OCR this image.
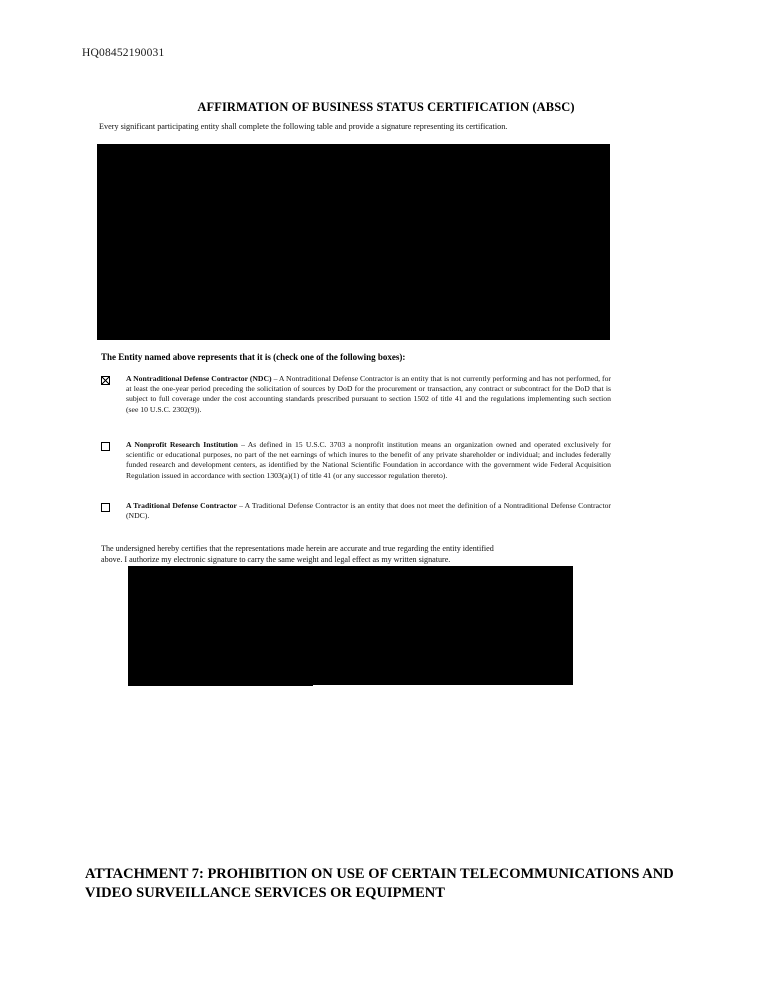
HQ08452190031
AFFIRMATION OF BUSINESS STATUS CERTIFICATION (ABSC)
Every significant participating entity shall complete the following table and provide a signature representing its certification.
The Entity named above represents that it is (check one of the following boxes):
A Nontraditional Defense Contractor (NDC) – A Nontraditional Defense Contractor is an entity that is not currently performing and has not performed, for at least the one-year period preceding the solicitation of sources by DoD for the procurement or transaction, any contract or subcontract for the DoD that is subject to full coverage under the cost accounting standards prescribed pursuant to section 1502 of title 41 and the regulations implementing such section (see 10 U.S.C. 2302(9)).
A Nonprofit Research Institution – As defined in 15 U.S.C. 3703 a nonprofit institution means an organization owned and operated exclusively for scientific or educational purposes, no part of the net earnings of which inures to the benefit of any private shareholder or individual; and includes federally funded research and development centers, as identified by the National Scientific Foundation in accordance with the government wide Federal Acquisition Regulation issued in accordance with section 1303(a)(1) of title 41 (or any successor regulation thereto).
A Traditional Defense Contractor – A Traditional Defense Contractor is an entity that does not meet the definition of a Nontraditional Defense Contractor (NDC).
The undersigned hereby certifies that the representations made herein are accurate and true regarding the entity identified
above. I authorize my electronic signature to carry the same weight and legal effect as my written signature.
ATTACHMENT 7: PROHIBITION ON USE OF CERTAIN TELECOMMUNICATIONS AND VIDEO SURVEILLANCE SERVICES OR EQUIPMENT
